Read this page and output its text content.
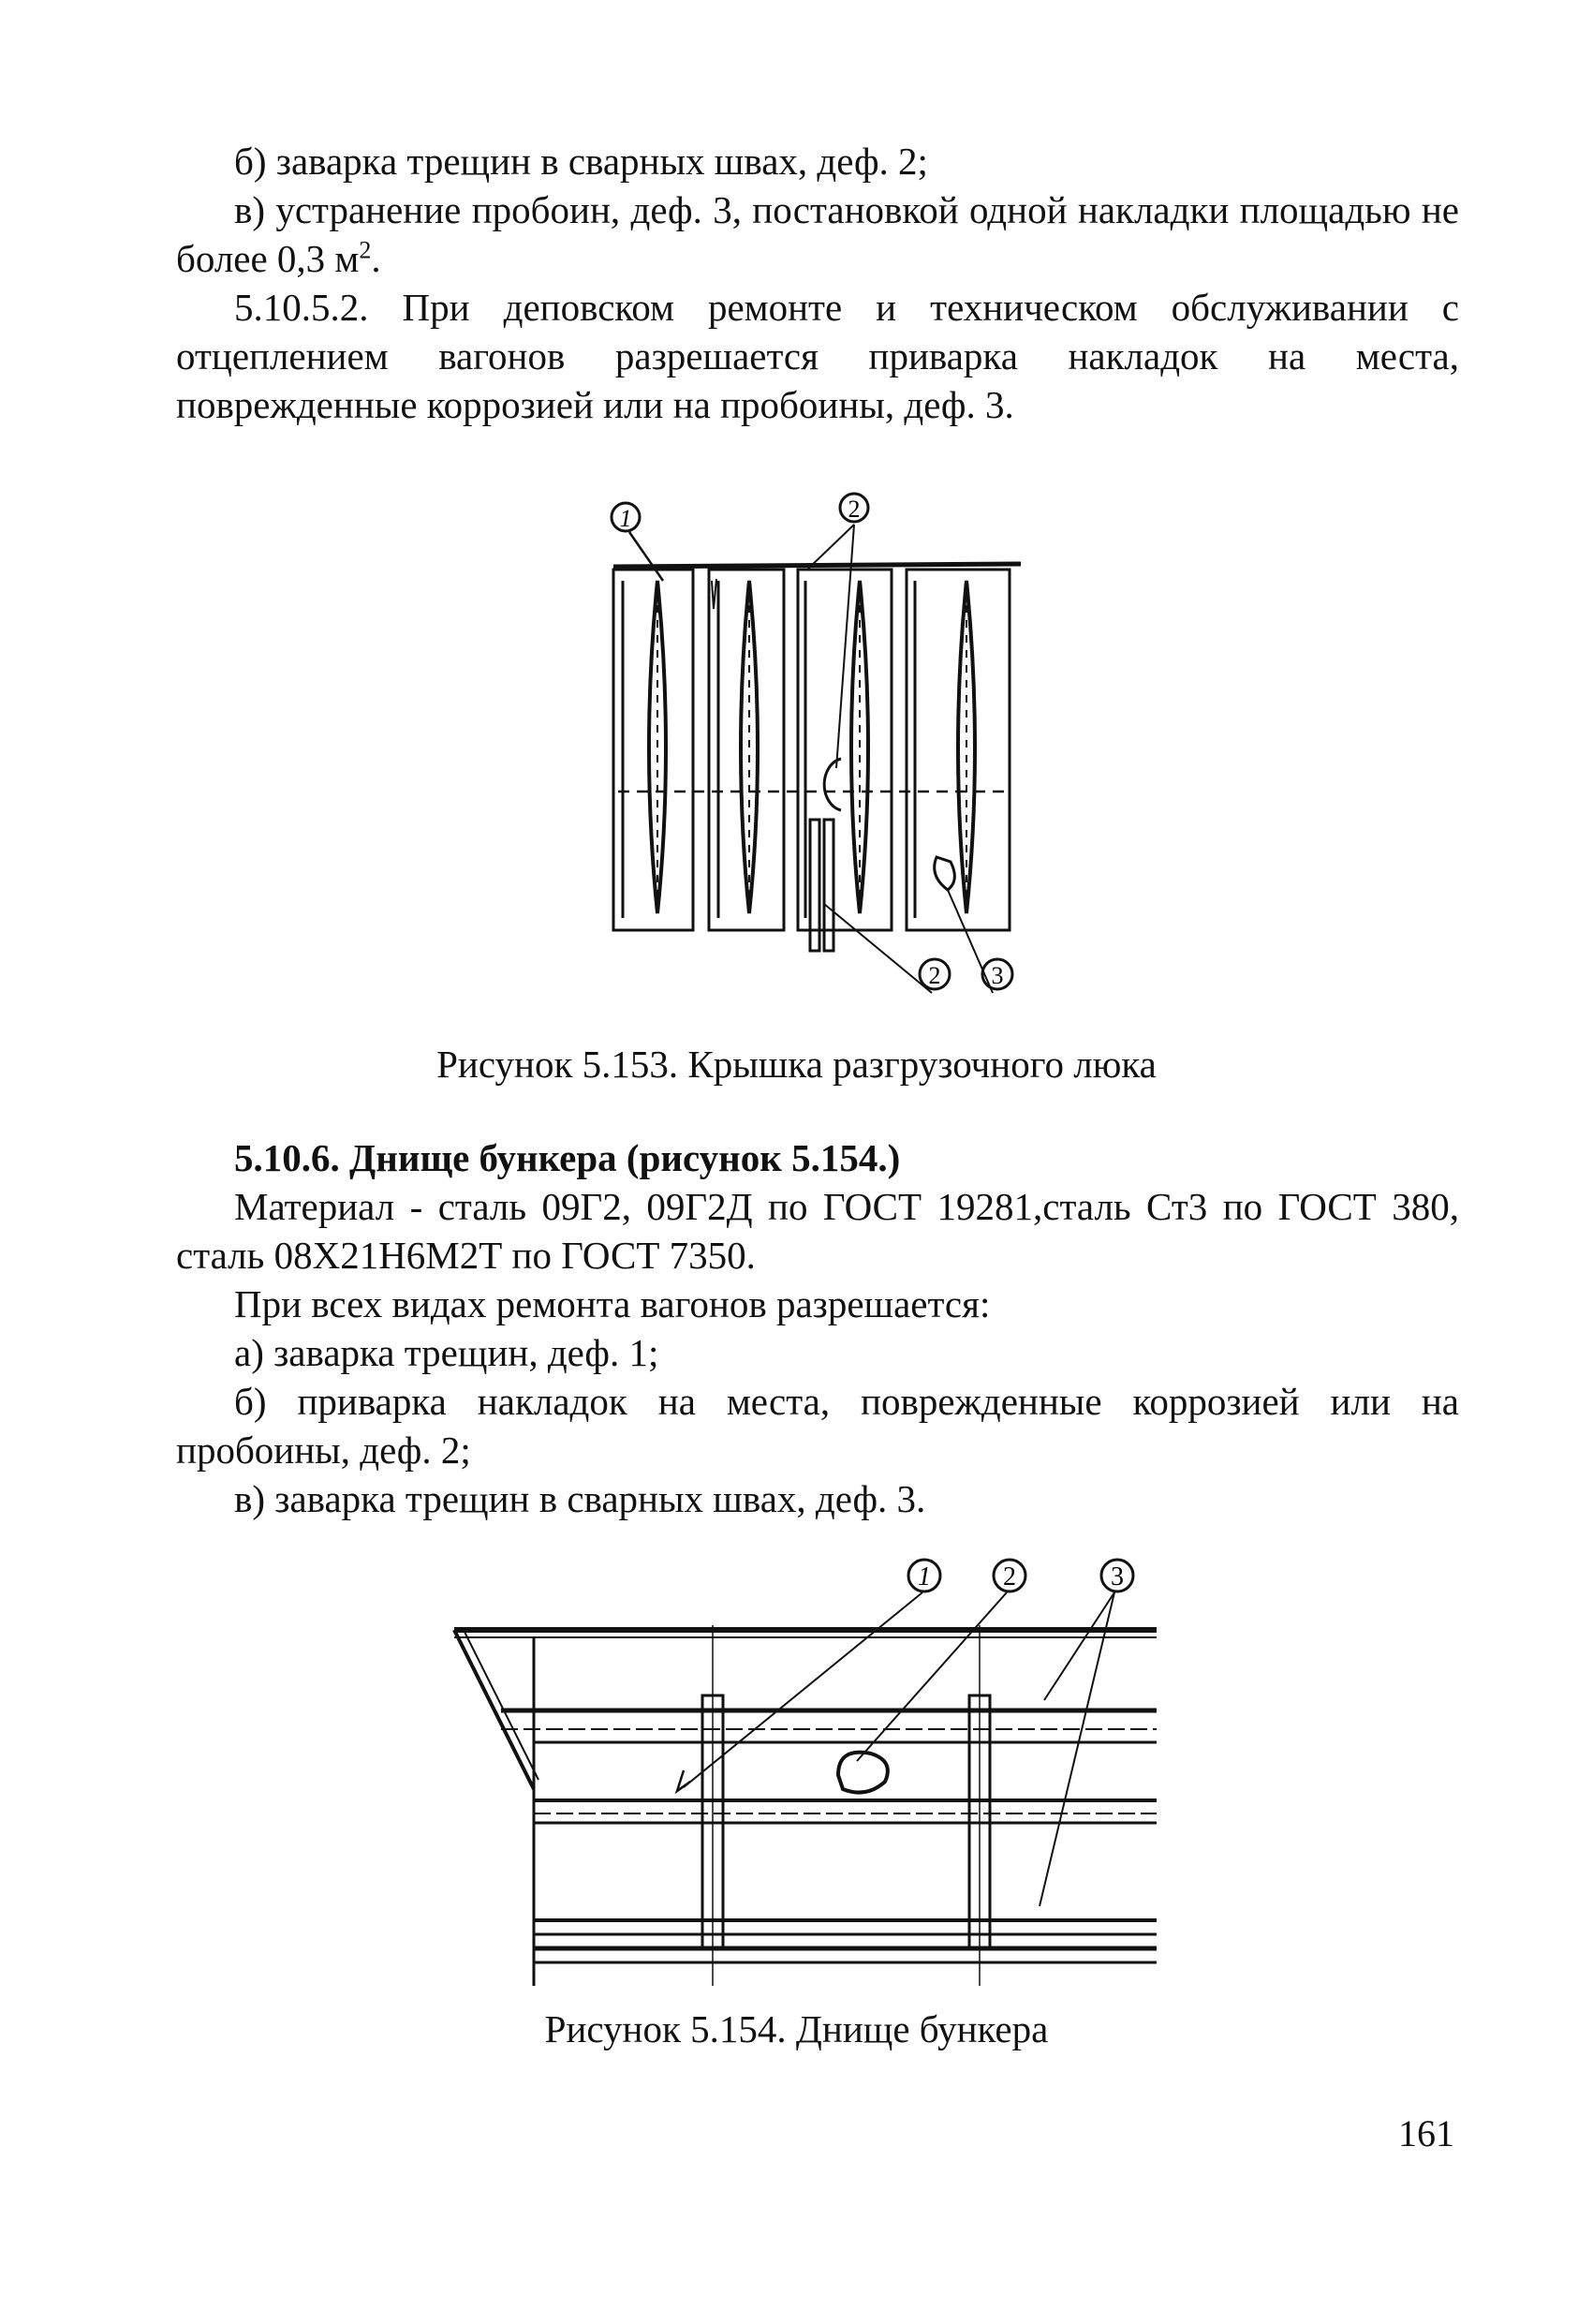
б) заварка трещин в сварных швах, деф. 2;

в) устранение пробоин, деф. 3, постановкой одной накладки площадью не более 0,3 $м^2$.

5.10.5.2. При деповском ремонте и техническом обслуживании с отцеплением вагонов разрешается приварка накладок на места, поврежденные коррозией или на пробоины, деф. 3.

1	2
2 3
Рисунок 5.153. Крышка разгрузочного люка

5.10.6. Днище бункера (рисунок 5.154.)

Материал - сталь 09Г2, 09Г2Д по ГОСТ 19281,сталь Ст3 по ГОСТ 380, сталь 08Х21Н6М2Т по ГОСТ 7350.

При всех видах ремонта вагонов разрешается:

а) заварка трещин, деф. 1;

б) приварка накладок на места, поврежденные коррозией или на пробоины, деф. 2;

в) заварка трещин в сварных швах, деф. 3.

1	2	3
Рисунок 5.154. Днище бункера
161
